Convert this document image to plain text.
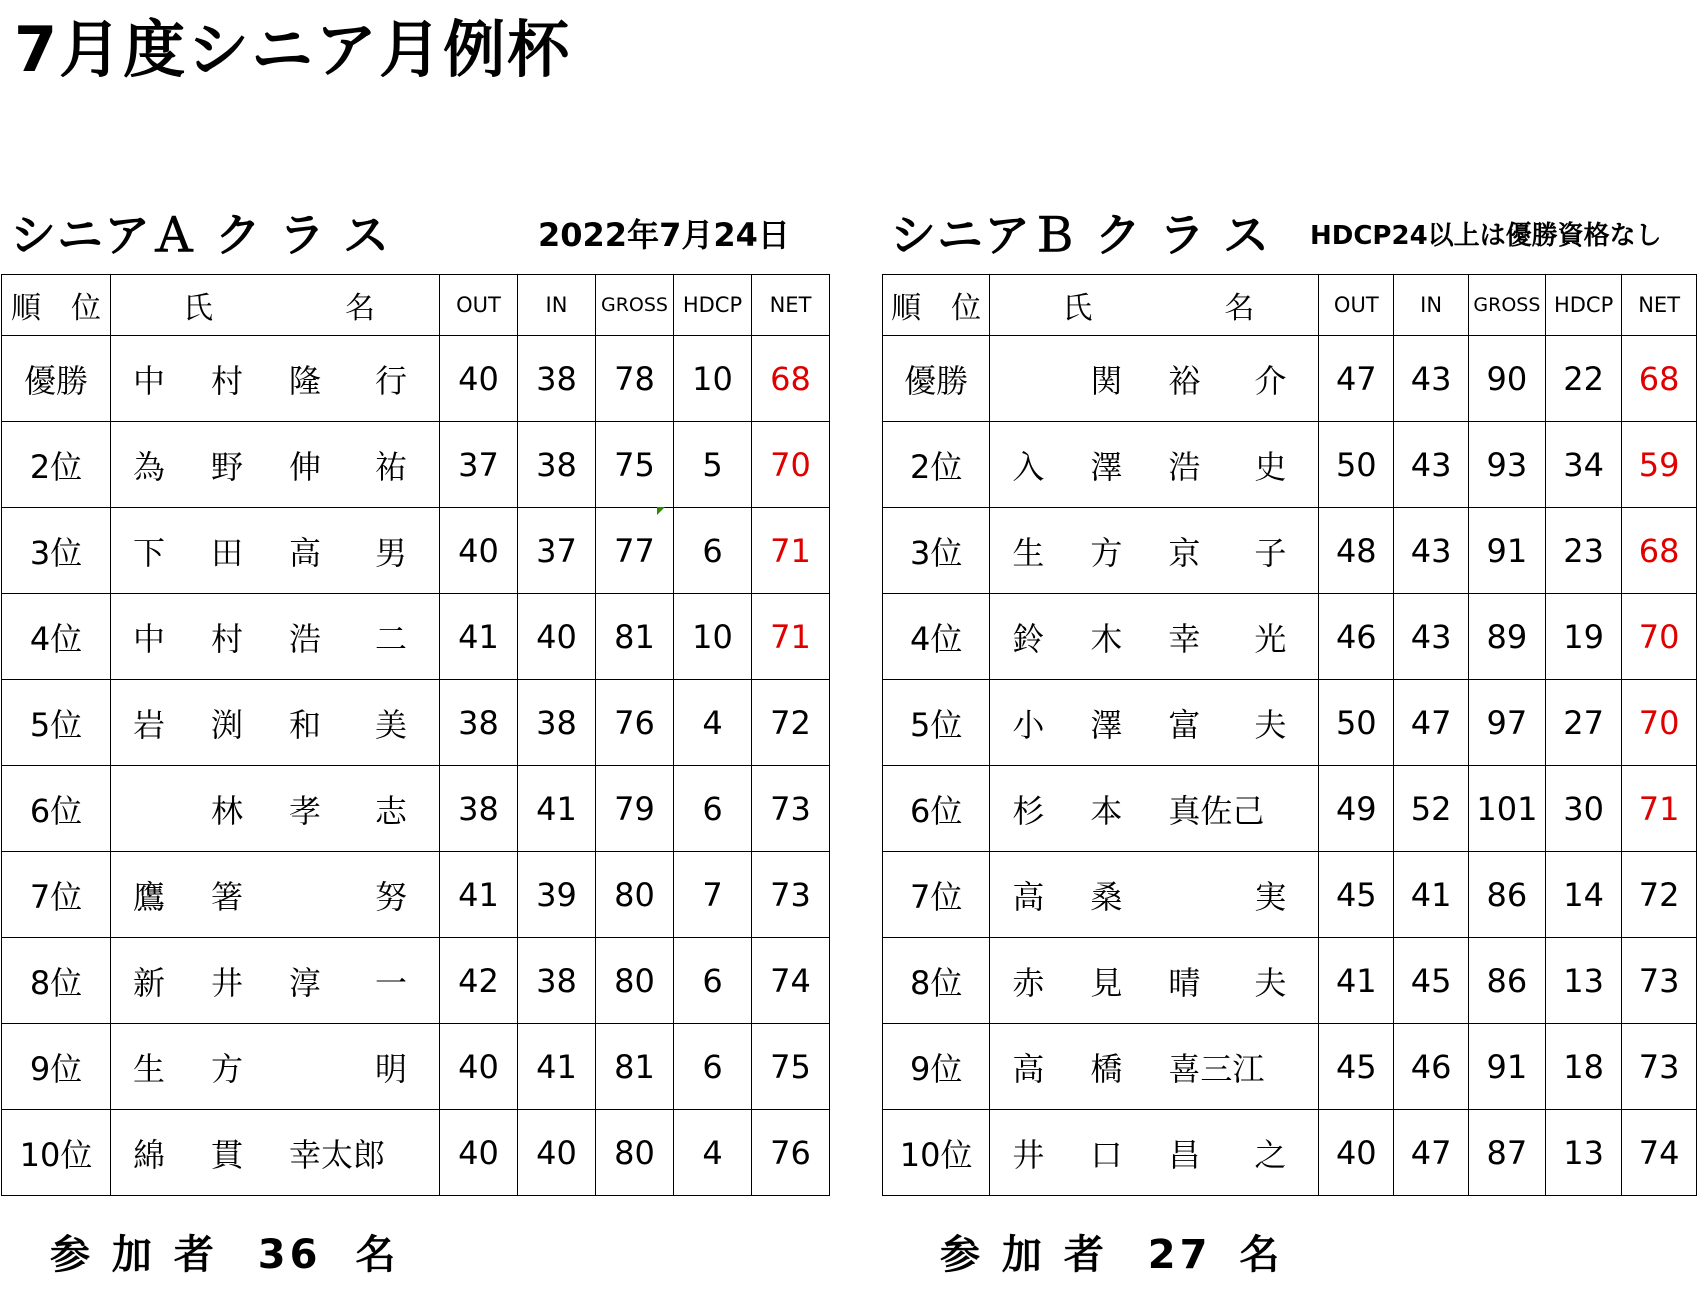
7月度シニア月例杯
シニアＡ ク ラ ス	2022年7月24日 シニアＢ ク ラ ス HDCP24以上は優勝資格なし
順　位	氏 名	OUT	IN	GROSS	HDCP	NET
優勝	中 村 隆 行	40	38	78	10	68
2位	為 野 伸 祐	37	38	75	5	70
3位	下 田 高 男	40	37	77	6	71
4位	中 村 浩 二	41	40	81	10	71
5位	岩 渕 和 美	38	38	76	4	72
6位	林 孝 志	38	41	79	6	73
7位	鷹 箸 努	41	39	80	7	73
8位	新 井 淳 一	42	38	80	6	74
9位	生 方 明	40	41	81	6	75
10位	綿 貫 幸太郎	40	40	80	4	76
順　位	氏 名	OUT	IN	GROSS	HDCP	NET
優勝	関 裕 介	47	43	90	22	68
2位	入 澤 浩 史	50	43	93	34	59
3位	生 方 京 子	48	43	91	23	68
4位	鈴 木 幸 光	46	43	89	19	70
5位	小 澤 富 夫	50	47	97	27	70
6位	杉 本 真佐己	49	52	101	30	71
7位	高 桑 実	45	41	86	14	72
8位	赤 見 晴 夫	41	45	86	13	73
9位	高 橋 喜三江	45	46	91	18	73
10位	井 口 昌 之	40	47	87	13	74
参 加 者 36 名	参 加 者 27 名
